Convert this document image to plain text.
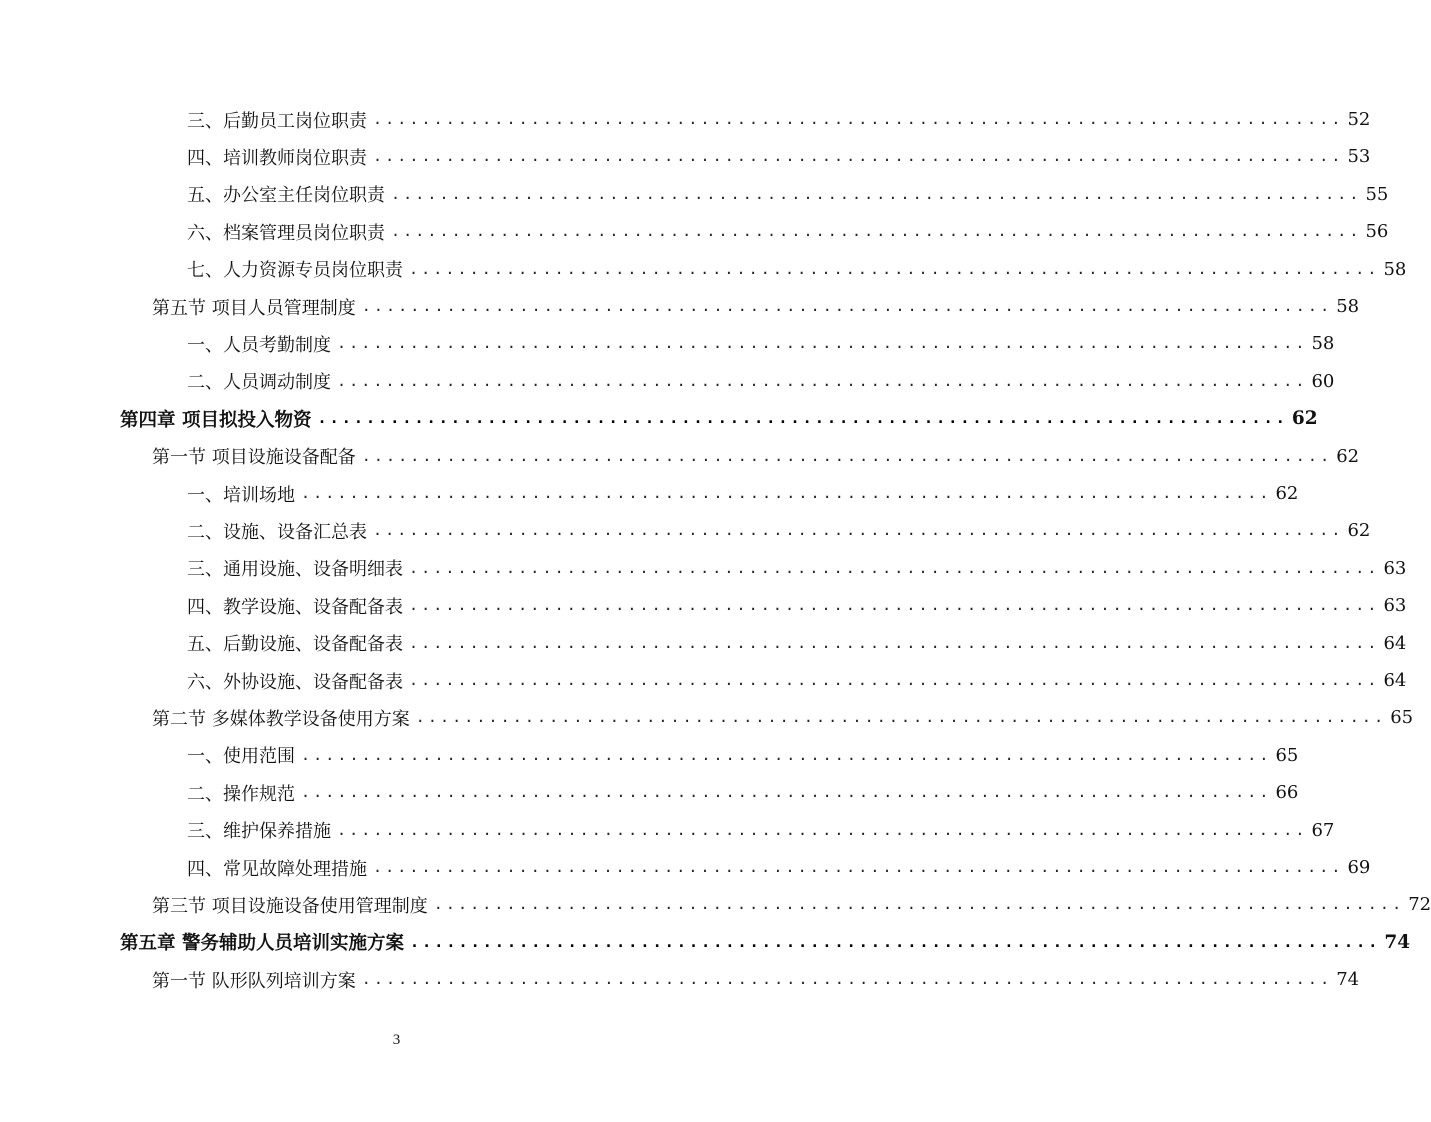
三、后勤员工岗位职责 ................................................................................ 52
四、培训教师岗位职责 ................................................................................ 53
五、办公室主任岗位职责 ................................................................................ 55
六、档案管理员岗位职责 ................................................................................ 56
七、人力资源专员岗位职责 ................................................................................ 58
第五节 项目人员管理制度 ................................................................................ 58
一、人员考勤制度 ................................................................................ 58
二、人员调动制度 ................................................................................ 60
第四章 项目拟投入物资 ................................................................................ 62
第一节 项目设施设备配备 ................................................................................ 62
一、培训场地 ................................................................................ 62
二、设施、设备汇总表 ................................................................................ 62
三、通用设施、设备明细表 ................................................................................ 63
四、教学设施、设备配备表 ................................................................................ 63
五、后勤设施、设备配备表 ................................................................................ 64
六、外协设施、设备配备表 ................................................................................ 64
第二节 多媒体教学设备使用方案 ................................................................................ 65
一、使用范围 ................................................................................ 65
二、操作规范 ................................................................................ 66
三、维护保养措施 ................................................................................ 67
四、常见故障处理措施 ................................................................................ 69
第三节 项目设施设备使用管理制度 ................................................................................ 72
第五章 警务辅助人员培训实施方案 ................................................................................ 74
第一节 队形队列培训方案 ................................................................................ 74
3
